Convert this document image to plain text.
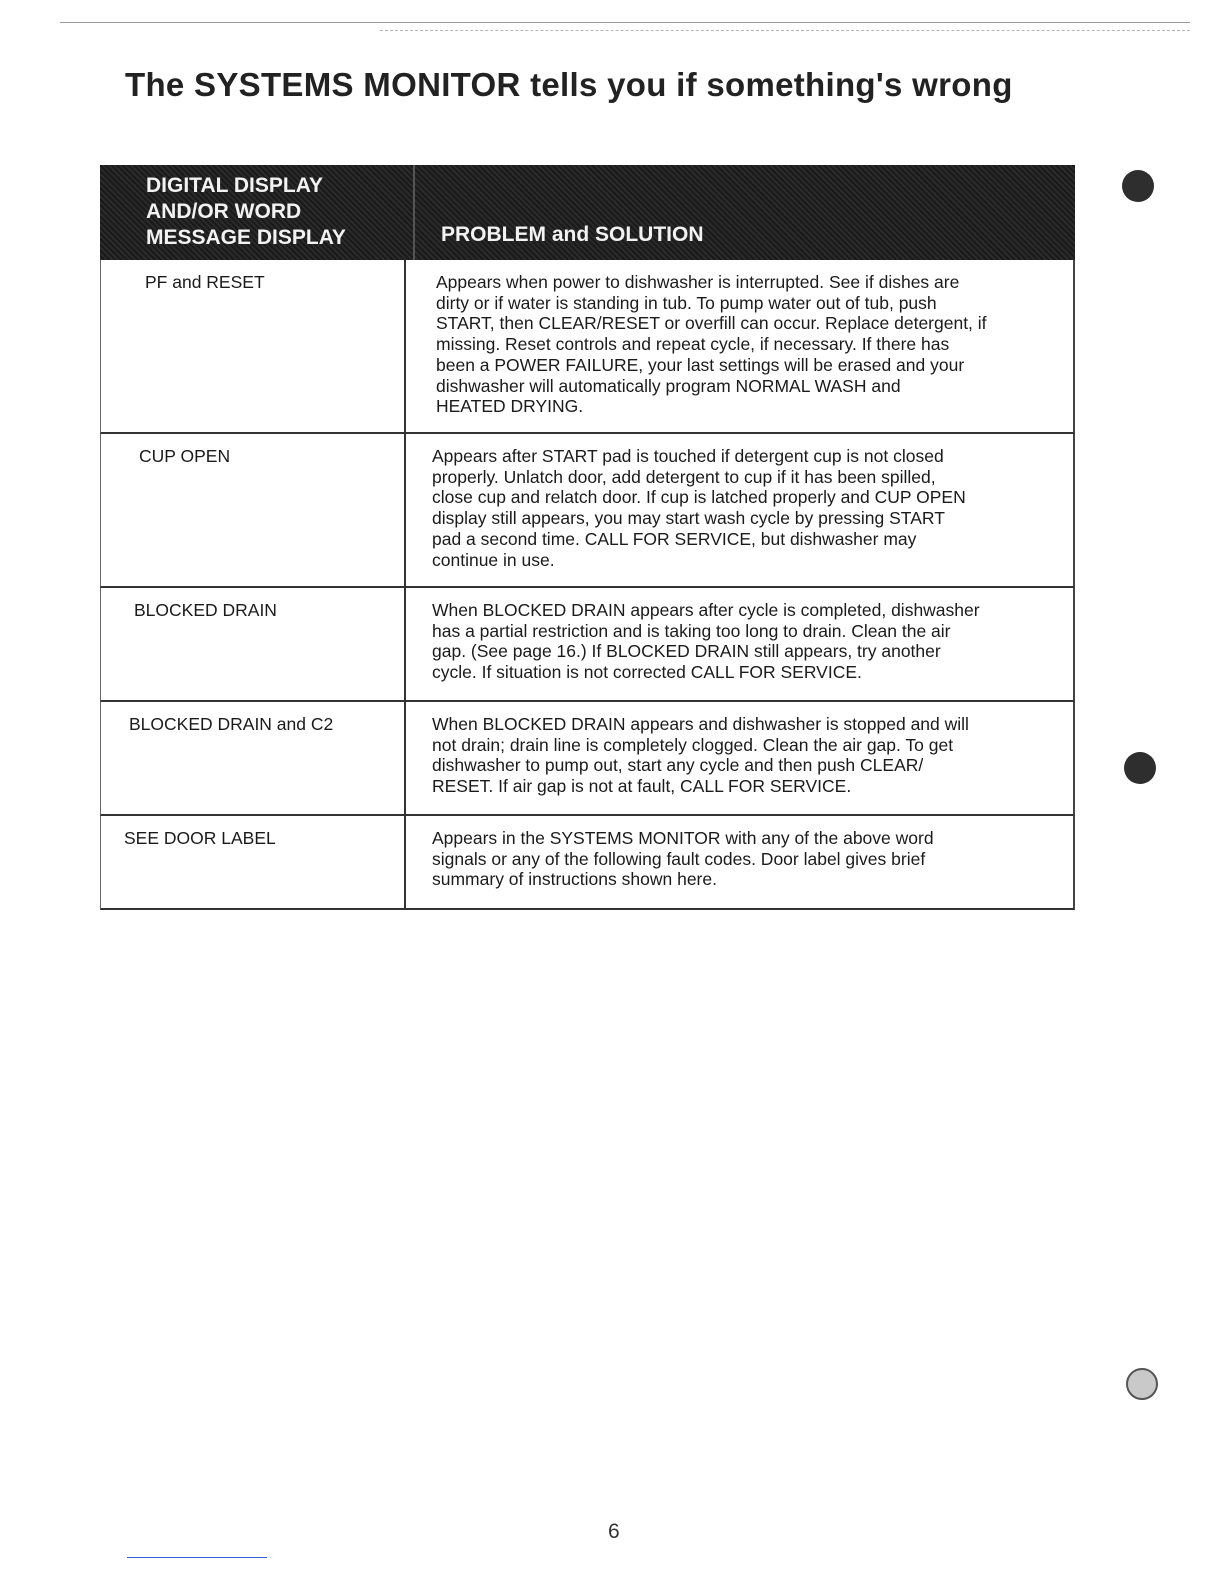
The SYSTEMS MONITOR tells you if something's wrong
DIGITAL DISPLAY
AND/OR WORD
MESSAGE DISPLAY	PROBLEM and SOLUTION
PF and RESET	Appears when power to dishwasher is interrupted. See if dishes are
dirty or if water is standing in tub. To pump water out of tub, push
START, then CLEAR/RESET or overfill can occur. Replace detergent, if
missing. Reset controls and repeat cycle, if necessary. If there has
been a POWER FAILURE, your last settings will be erased and your
dishwasher will automatically program NORMAL WASH and
HEATED DRYING.
CUP OPEN	Appears after START pad is touched if detergent cup is not closed
properly. Unlatch door, add detergent to cup if it has been spilled,
close cup and relatch door. If cup is latched properly and CUP OPEN
display still appears, you may start wash cycle by pressing START
pad a second time. CALL FOR SERVICE, but dishwasher may
continue in use.
BLOCKED DRAIN	When BLOCKED DRAIN appears after cycle is completed, dishwasher
has a partial restriction and is taking too long to drain. Clean the air
gap. (See page 16.) If BLOCKED DRAIN still appears, try another
cycle. If situation is not corrected CALL FOR SERVICE.
BLOCKED DRAIN and C2	When BLOCKED DRAIN appears and dishwasher is stopped and will
not drain; drain line is completely clogged. Clean the air gap. To get
dishwasher to pump out, start any cycle and then push CLEAR/
RESET. If air gap is not at fault, CALL FOR SERVICE.
SEE DOOR LABEL	Appears in the SYSTEMS MONITOR with any of the above word
signals or any of the following fault codes. Door label gives brief
summary of instructions shown here.
6
